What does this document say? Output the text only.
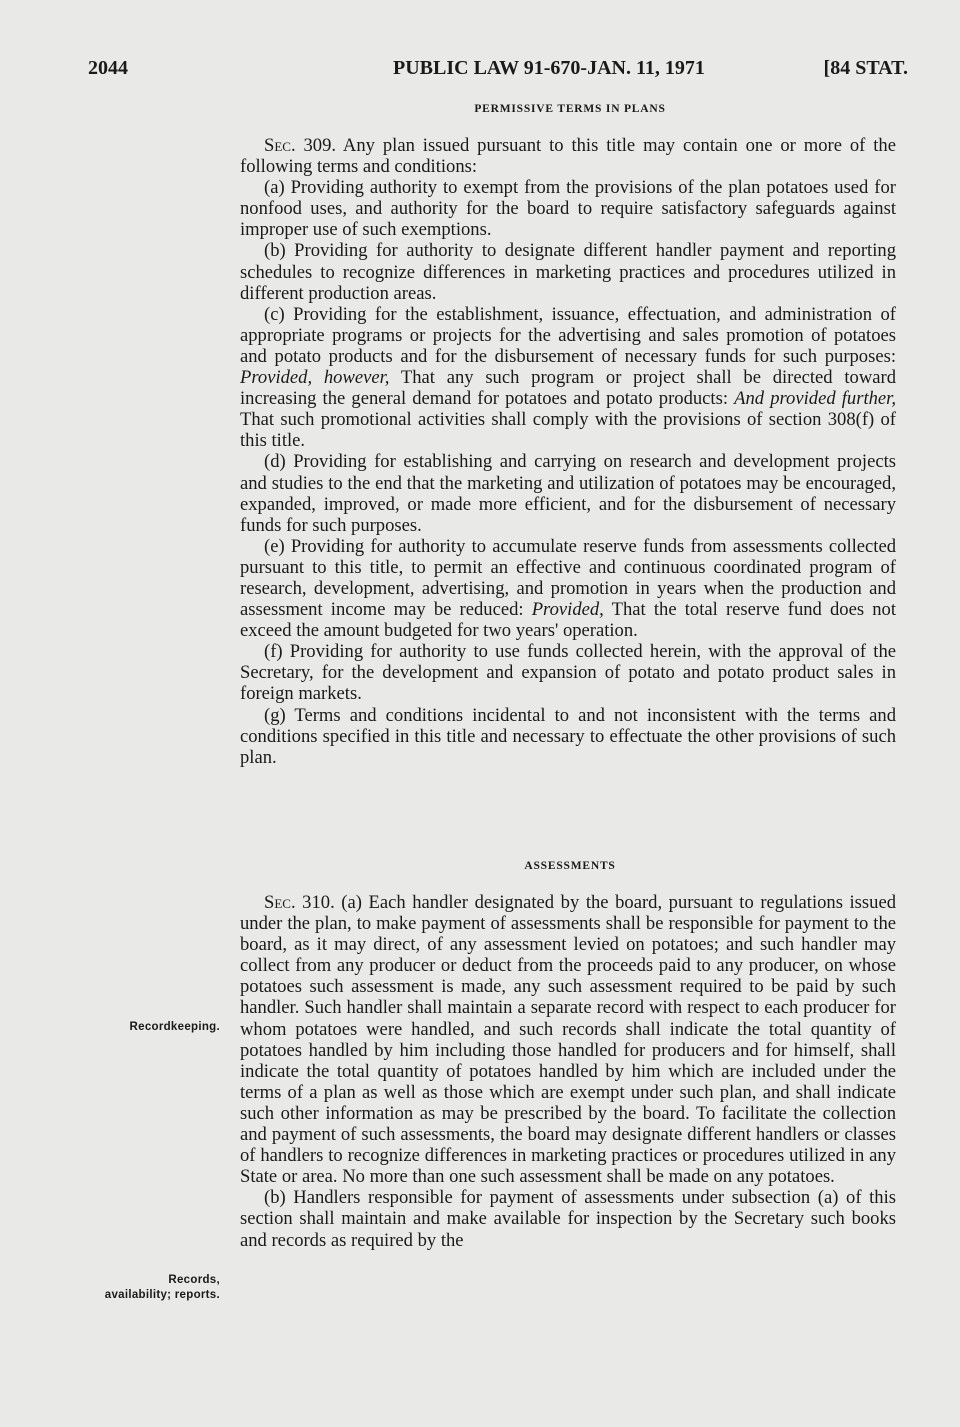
2044	PUBLIC LAW 91-670-JAN. 11, 1971	[84 STAT.
PERMISSIVE TERMS IN PLANS

Sec. 309. Any plan issued pursuant to this title may contain one or more of the following terms and conditions:

(a) Providing authority to exempt from the provisions of the plan potatoes used for nonfood uses, and authority for the board to require satisfactory safeguards against improper use of such exemptions.

(b) Providing for authority to designate different handler payment and reporting schedules to recognize differences in marketing practices and procedures utilized in different production areas.

(c) Providing for the establishment, issuance, effectuation, and administration of appropriate programs or projects for the advertising and sales promotion of potatoes and potato products and for the disbursement of necessary funds for such purposes: Provided, however, That any such program or project shall be directed toward increasing the general demand for potatoes and potato products: And provided further, That such promotional activities shall comply with the provisions of section 308(f) of this title.

(d) Providing for establishing and carrying on research and development projects and studies to the end that the marketing and utilization of potatoes may be encouraged, expanded, improved, or made more efficient, and for the disbursement of necessary funds for such purposes.

(e) Providing for authority to accumulate reserve funds from assessments collected pursuant to this title, to permit an effective and continuous coordinated program of research, development, advertising, and promotion in years when the production and assessment income may be reduced: Provided, That the total reserve fund does not exceed the amount budgeted for two years' operation.

(f) Providing for authority to use funds collected herein, with the approval of the Secretary, for the development and expansion of potato and potato product sales in foreign markets.

(g) Terms and conditions incidental to and not inconsistent with the terms and conditions specified in this title and necessary to effectuate the other provisions of such plan.

ASSESSMENTS

Sec. 310. (a) Each handler designated by the board, pursuant to regulations issued under the plan, to make payment of assessments shall be responsible for payment to the board, as it may direct, of any assessment levied on potatoes; and such handler may collect from any producer or deduct from the proceeds paid to any producer, on whose potatoes such assessment is made, any such assessment required to be paid by such handler. Such handler shall maintain a separate record with respect to each producer for whom potatoes were handled, and such records shall indicate the total quantity of potatoes handled by him including those handled for producers and for himself, shall indicate the total quantity of potatoes handled by him which are included under the terms of a plan as well as those which are exempt under such plan, and shall indicate such other information as may be prescribed by the board. To facilitate the collection and payment of such assessments, the board may designate different handlers or classes of handlers to recognize differences in marketing practices or procedures utilized in any State or area. No more than one such assessment shall be made on any potatoes.

(b) Handlers responsible for payment of assessments under subsection (a) of this section shall maintain and make available for inspection by the Secretary such books and records as required by the

Recordkeeping.
Records, availability; reports.
